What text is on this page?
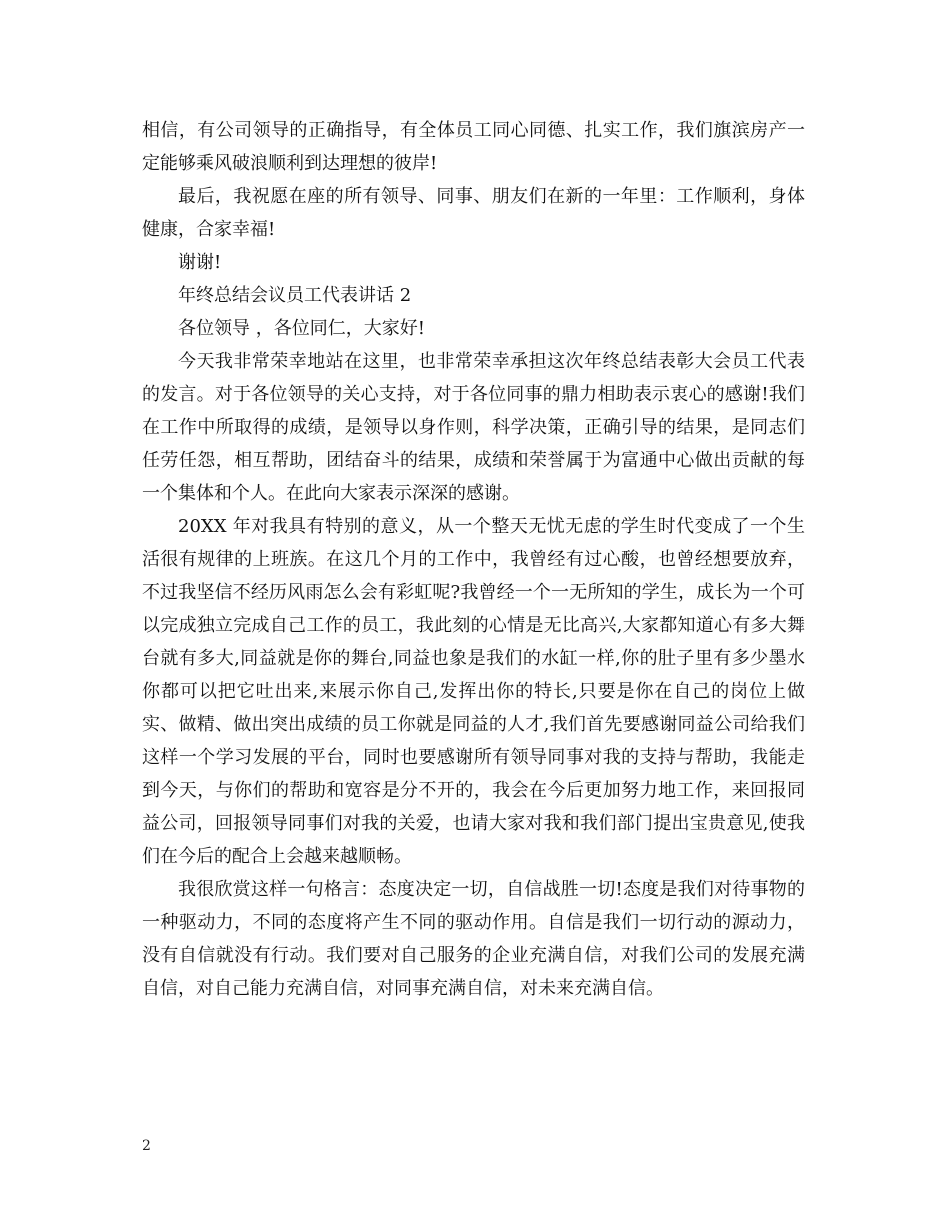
相信，有公司领导的正确指导，有全体员工同心同德、扎实工作，我们旗滨房产一定能够乘风破浪顺利到达理想的彼岸!

最后，我祝愿在座的所有领导、同事、朋友们在新的一年里：工作顺利，身体健康，合家幸福!

谢谢!

年终总结会议员工代表讲话 2

各位领导 ，各位同仁，大家好!

今天我非常荣幸地站在这里，也非常荣幸承担这次年终总结表彰大会员工代表的发言。对于各位领导的关心支持，对于各位同事的鼎力相助表示衷心的感谢!我们在工作中所取得的成绩，是领导以身作则，科学决策，正确引导的结果，是同志们任劳任怨，相互帮助，团结奋斗的结果，成绩和荣誉属于为富通中心做出贡献的每一个集体和个人。在此向大家表示深深的感谢。

20XX 年对我具有特别的意义，从一个整天无忧无虑的学生时代变成了一个生活很有规律的上班族。在这几个月的工作中，我曾经有过心酸，也曾经想要放弃，不过我坚信不经历风雨怎么会有彩虹呢?我曾经一个一无所知的学生，成长为一个可以完成独立完成自己工作的员工，我此刻的心情是无比高兴,大家都知道心有多大舞台就有多大,同益就是你的舞台,同益也象是我们的水缸一样,你的肚子里有多少墨水你都可以把它吐出来,来展示你自己,发挥出你的特长,只要是你在自己的岗位上做实、做精、做出突出成绩的员工你就是同益的人才,我们首先要感谢同益公司给我们这样一个学习发展的平台，同时也要感谢所有领导同事对我的支持与帮助，我能走到今天，与你们的帮助和宽容是分不开的，我会在今后更加努力地工作，来回报同益公司，回报领导同事们对我的关爱，也请大家对我和我们部门提出宝贵意见,使我们在今后的配合上会越来越顺畅。

我很欣赏这样一句格言：态度决定一切，自信战胜一切!态度是我们对待事物的一种驱动力，不同的态度将产生不同的驱动作用。自信是我们一切行动的源动力，没有自信就没有行动。我们要对自己服务的企业充满自信，对我们公司的发展充满自信，对自己能力充满自信，对同事充满自信，对未来充满自信。

2
